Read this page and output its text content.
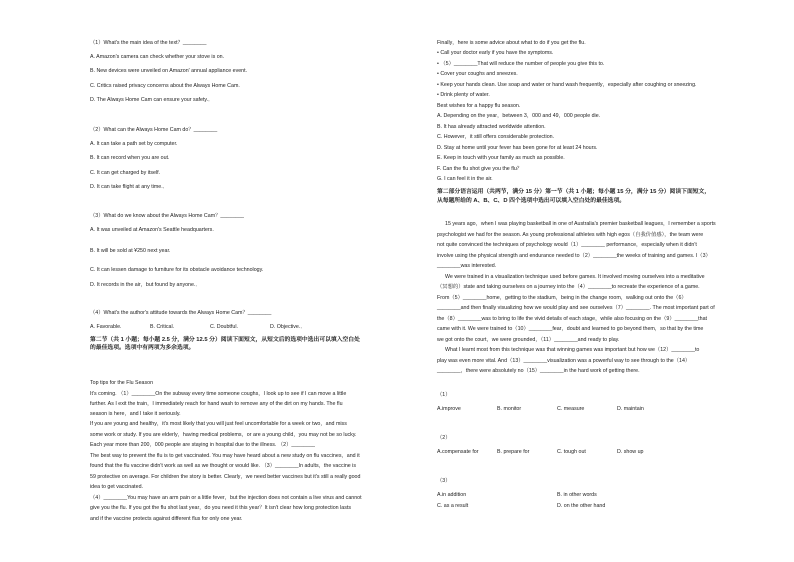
（1）What's the main idea of the text？________
A. Amazon's camera can check whether your stove is on.
B. New devices were unveiled on Amazon' annual appliance event.
C. Critics raised privacy concerns about the Always Home Cam.
D. The Always Home Cam can ensure your safety.．
（2）What can the Always Home Cam do？________
A. It can take a path set by computer.
B. It can record when you are out.
C. It can get charged by itself.
D. It can take flight at any time.．
（3）What do we know about the Always Home Cam？________
A. It was unveiled at Amazon's Seattle headquarters.
B. It will be sold at ¥250 next year.
C. It can lessen damage to furniture for its obstacle avoidance technology.
D. It records in the air，but found by anyone.．
（4）What's the author's attitude towards the Always Home Cam？________
A. Favorable.	B. Critical.	C. Doubtful.	D. Objective.．
第二节（共 1 小题；每小题 2.5 分，满分 12.5 分）阅读下面短文，从短文后的选项中选出可以填入空白处
的最佳选项。选项中有两项为多余选项。
Top tips for the Flu Season
It's coming. （1）________On the subway every time someone coughs，I look up to see if I can move a little
further. As I exit the train，I immediately reach for hand wash to remove any of the dirt on my hands. The flu
season is here，and I take it seriously.
If you are young and healthy，it's most likely that you will just feel uncomfortable for a week or two，and miss
some work or study. If you are elderly，having medical problems，or are a young child，you may not be so lucky.
Each year more than 200，000 people are staying in hospital due to the illness. （2）________
The best way to prevent the flu is to get vaccinated. You may have heard about a new study on flu vaccines，and it
found that the flu vaccine didn't work as well as we thought or would like. （3）________In adults，the vaccine is
59 protective on average. For children the story is better. Clearly，we need better vaccines but it's still a really good
idea to get vaccinated.
（4）________You may have an arm pain or a little fever，but the injection does not contain a live virus and cannot
give you the flu. If you got the flu shot last year，do you need it this year？It isn't clear how long protection lasts
and if the vaccine protects against different flus for only one year.
Finally，here is some advice about what to do if you get the flu.
• Call your doctor early if you have the symptoms.
• （5）________That will reduce the number of people you give this to.
• Cover your coughs and sneezes.
• Keep your hands clean. Use soap and water or hand wash frequently，especially after coughing or sneezing.
• Drink plenty of water.
Best wishes for a happy flu season.
A. Depending on the year，between 3，000 and 49，000 people die.
B. It has already attracted worldwide attention.
C. However，it still offers considerable protection.
D. Stay at home until your fever has been gone for at least 24 hours.
E. Keep in touch with your family as much as possible.
F. Can the flu shot give you the flu？
G. I can feel it in the air.
第二部分语言运用（共两节，满分 15 分）第一节（共 1 小题；每小题 15 分，满分 15 分）阅读下面短文，
从每题所给的 A、B、C、D 四个选项中选出可以填入空白处的最佳选项。
15 years ago，when I was playing basketball in one of Australia's premier basketball leagues，I remember a sports
psychologist we had for the season. As young professional athletes with high egos（自我价值感），the team were
not quite convinced the techniques of psychology would（1）________ performance，especially when it didn't
involve using the physical strength and endurance needed to（2）________the weeks of training and games. I（3）
________was interested.
We were trained in a visualization technique used before games. It involved moving ourselves into a meditative
（冥想的）state and taking ourselves on a journey into the（4）________to recreate the experience of a game.
From（5）________home，getting to the stadium，being in the change room，walking out onto the（6）
________and then finally visualizing how we would play and see ourselves（7）________. The most important part of
the（8）________was to bring to life the vivid details of each stage，while also focusing on the（9）________that
came with it. We were trained to（10）________fear，doubt and learned to go beyond them，so that by the time
we got onto the court，we were grounded，（11）________and ready to play.
What I learnt most from this technique was that winning games was important but how we（12）________to
play was even more vital. And（13）________visualization was a powerful way to see through to the（14）
________，there were absolutely no（15）________in the hard work of getting there.
（1）
A.improve	B. monitor	C. measure	D. maintain
（2）
A.compensate for	B. prepare for	C. tough out	D. show up
（3）
A.in addition	B. in other words
C. as a result	D. on the other hand
